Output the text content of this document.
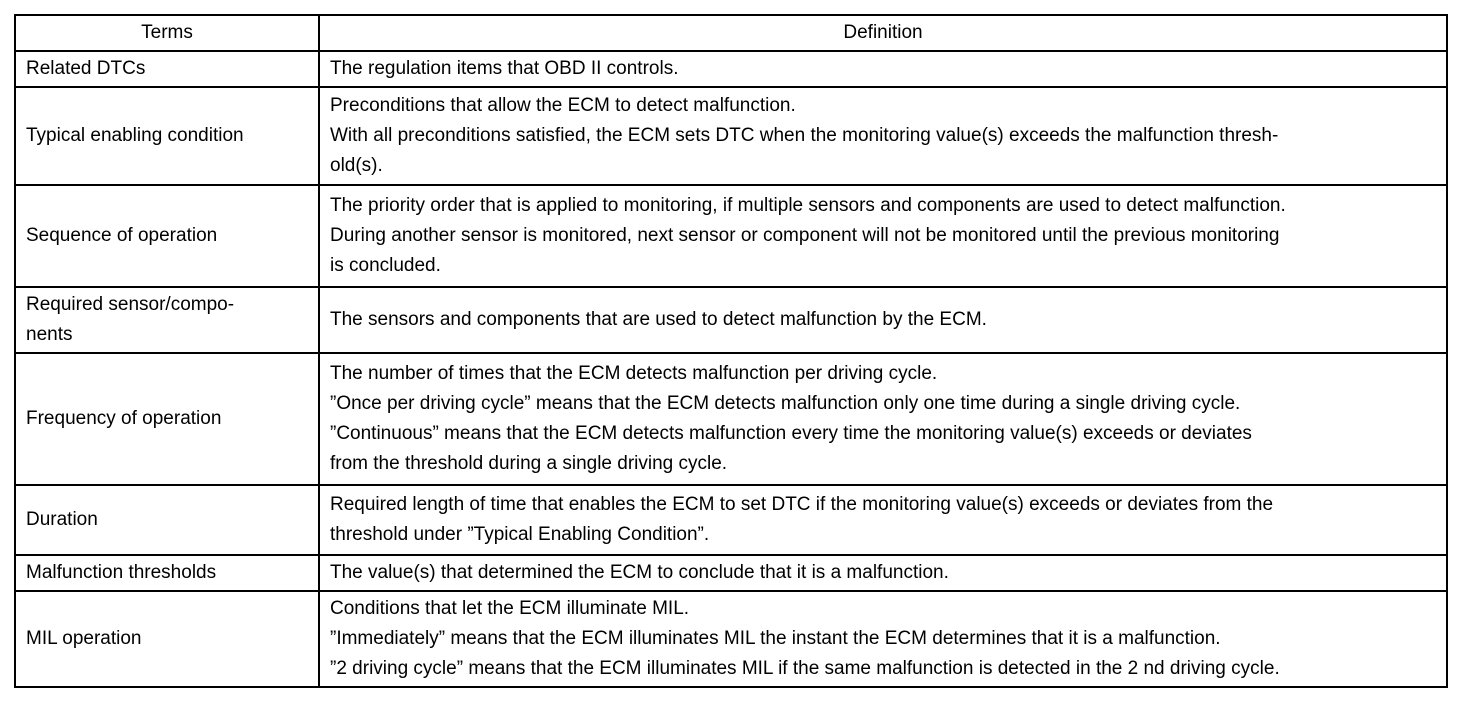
Terms	Definition

Related DTCs	The regulation items that OBD II controls.

Typical enabling condition	Preconditions that allow the ECM to detect malfunction.
With all preconditions satisfied, the ECM sets DTC when the monitoring value(s) exceeds the malfunction thresh-
old(s).

Sequence of operation	The priority order that is applied to monitoring, if multiple sensors and components are used to detect malfunction.
During another sensor is monitored, next sensor or component will not be monitored until the previous monitoring
is concluded.

Required sensor/compo-
nents	The sensors and components that are used to detect malfunction by the ECM.

Frequency of operation	The number of times that the ECM detects malfunction per driving cycle.
”Once per driving cycle” means that the ECM detects malfunction only one time during a single driving cycle.
”Continuous” means that the ECM detects malfunction every time the monitoring value(s) exceeds or deviates
from the threshold during a single driving cycle.

Duration	Required length of time that enables the ECM to set DTC if the monitoring value(s) exceeds or deviates from the
threshold under ”Typical Enabling Condition”.

Malfunction thresholds	The value(s) that determined the ECM to conclude that it is a malfunction.

MIL operation	Conditions that let the ECM illuminate MIL.
”Immediately” means that the ECM illuminates MIL the instant the ECM determines that it is a malfunction.
”2 driving cycle” means that the ECM illuminates MIL if the same malfunction is detected in the 2 nd driving cycle.
